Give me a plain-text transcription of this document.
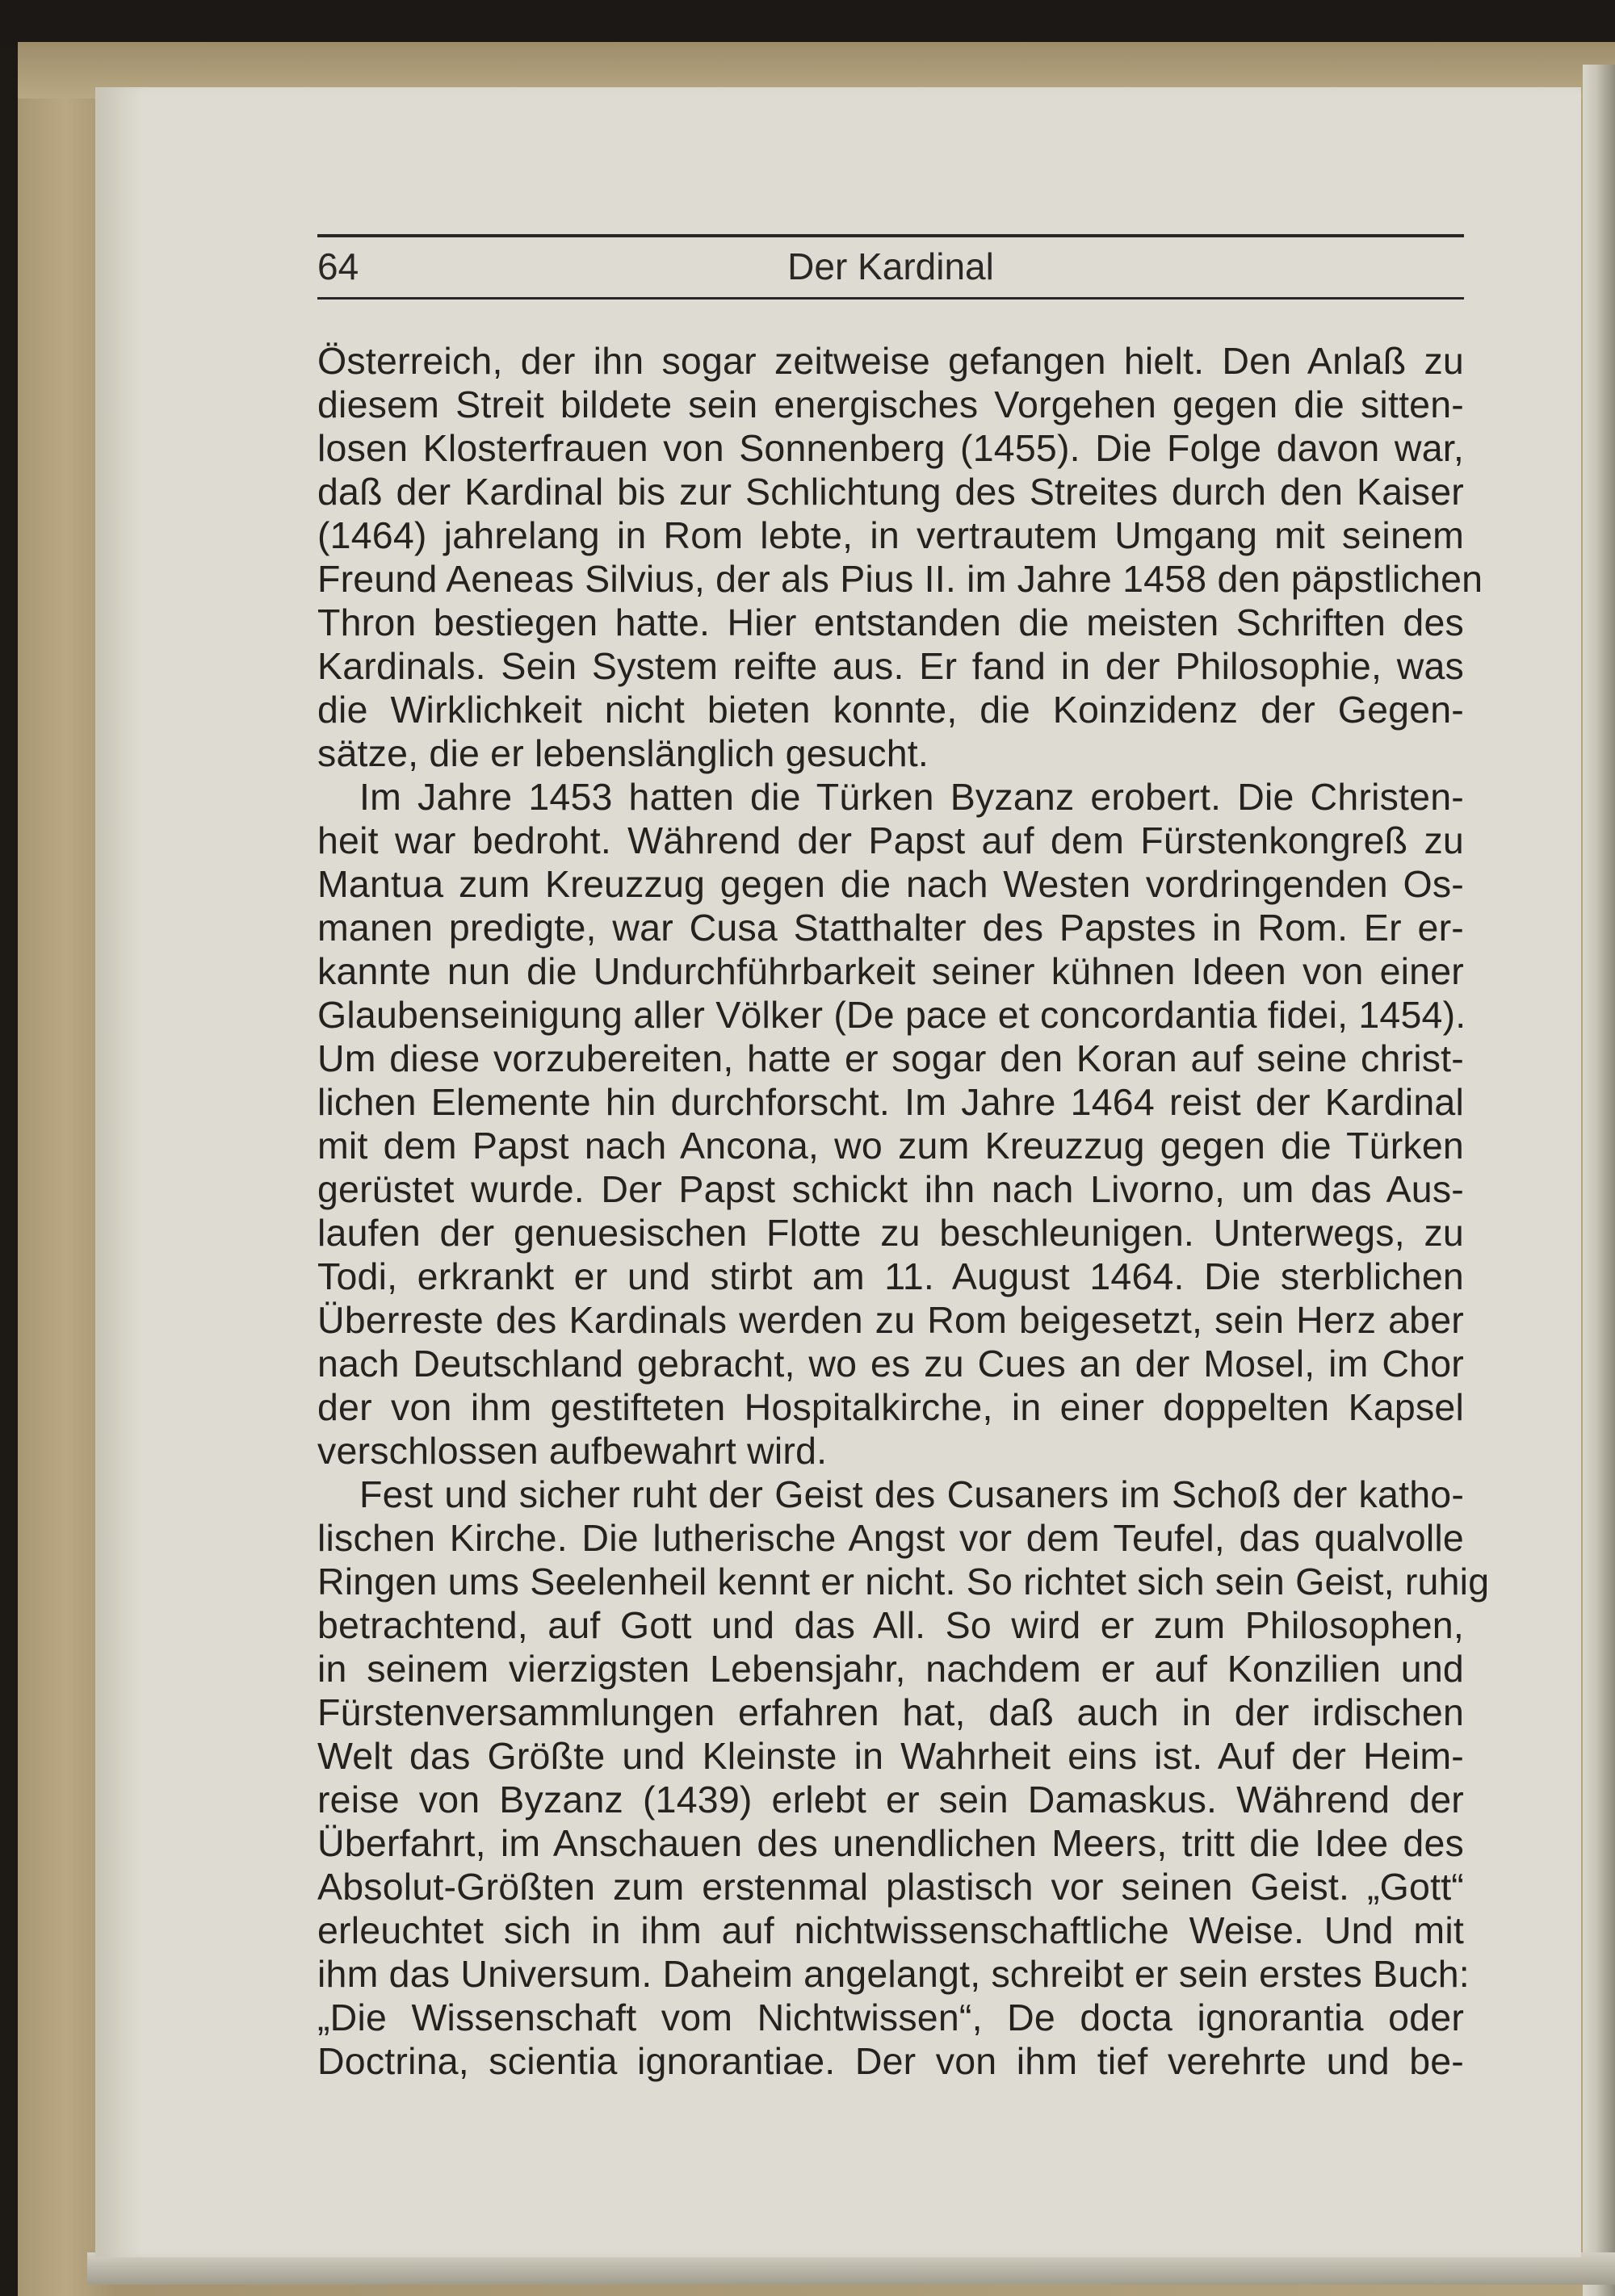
64	Der Kardinal
Österreich, der ihn sogar zeitweise gefangen hielt. Den Anlaß zu
diesem Streit bildete sein energisches Vorgehen gegen die sitten-
losen Klosterfrauen von Sonnenberg (1455). Die Folge davon war,
daß der Kardinal bis zur Schlichtung des Streites durch den Kaiser
(1464) jahrelang in Rom lebte, in vertrautem Umgang mit seinem
Freund Aeneas Silvius, der als Pius II. im Jahre 1458 den päpstlichen
Thron bestiegen hatte. Hier entstanden die meisten Schriften des
Kardinals. Sein System reifte aus. Er fand in der Philosophie, was
die Wirklichkeit nicht bieten konnte, die Koinzidenz der Gegen-
sätze, die er lebenslänglich gesucht.
Im Jahre 1453 hatten die Türken Byzanz erobert. Die Christen-
heit war bedroht. Während der Papst auf dem Fürstenkongreß zu
Mantua zum Kreuzzug gegen die nach Westen vordringenden Os-
manen predigte, war Cusa Statthalter des Papstes in Rom. Er er-
kannte nun die Undurchführbarkeit seiner kühnen Ideen von einer
Glaubenseinigung aller Völker (De pace et concordantia fidei, 1454).
Um diese vorzubereiten, hatte er sogar den Koran auf seine christ-
lichen Elemente hin durchforscht. Im Jahre 1464 reist der Kardinal
mit dem Papst nach Ancona, wo zum Kreuzzug gegen die Türken
gerüstet wurde. Der Papst schickt ihn nach Livorno, um das Aus-
laufen der genuesischen Flotte zu beschleunigen. Unterwegs, zu
Todi, erkrankt er und stirbt am 11. August 1464. Die sterblichen
Überreste des Kardinals werden zu Rom beigesetzt, sein Herz aber
nach Deutschland gebracht, wo es zu Cues an der Mosel, im Chor
der von ihm gestifteten Hospitalkirche, in einer doppelten Kapsel
verschlossen aufbewahrt wird.
Fest und sicher ruht der Geist des Cusaners im Schoß der katho-
lischen Kirche. Die lutherische Angst vor dem Teufel, das qualvolle
Ringen ums Seelenheil kennt er nicht. So richtet sich sein Geist, ruhig
betrachtend, auf Gott und das All. So wird er zum Philosophen,
in seinem vierzigsten Lebensjahr, nachdem er auf Konzilien und
Fürstenversammlungen erfahren hat, daß auch in der irdischen
Welt das Größte und Kleinste in Wahrheit eins ist. Auf der Heim-
reise von Byzanz (1439) erlebt er sein Damaskus. Während der
Überfahrt, im Anschauen des unendlichen Meers, tritt die Idee des
Absolut-Größten zum erstenmal plastisch vor seinen Geist. „Gott“
erleuchtet sich in ihm auf nichtwissenschaftliche Weise. Und mit
ihm das Universum. Daheim angelangt, schreibt er sein erstes Buch:
„Die Wissenschaft vom Nichtwissen“, De docta ignorantia oder
Doctrina, scientia ignorantiae. Der von ihm tief verehrte und be-
